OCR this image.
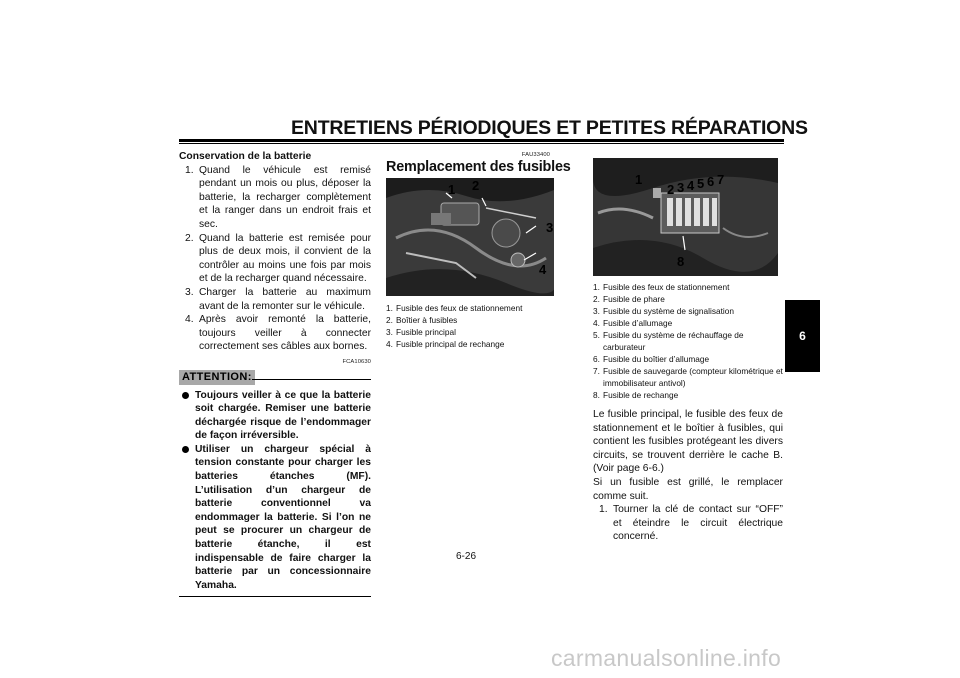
ENTRETIENS PÉRIODIQUES ET PETITES RÉPARATIONS

Conservation de la batterie

1. Quand le véhicule est remisé pendant un mois ou plus, déposer la batterie, la recharger complètement et la ranger dans un endroit frais et sec.
2. Quand la batterie est remisée pour plus de deux mois, il convient de la contrôler au moins une fois par mois et de la recharger quand nécessaire.
3. Charger la batterie au maximum avant de la remonter sur le véhicule.
4. Après avoir remonté la batterie, toujours veiller à connecter correctement ses câbles aux bornes.
FCA10630
ATTENTION:
Toujours veiller à ce que la batterie soit chargée. Remiser une batterie déchargée risque de l’endommager de façon irréversible.
Utiliser un chargeur spécial à tension constante pour charger les batteries étanches (MF). L’utilisation d’un chargeur de batterie conventionnel va endommager la batterie. Si l’on ne peut se procurer un chargeur de batterie étanche, il est indispensable de faire charger la batterie par un concessionnaire Yamaha.
FAU33400
Remplacement des fusibles
1 2
3
4
1. Fusible des feux de stationnement
2. Boîtier à fusibles
3. Fusible principal
4. Fusible principal de rechange
1
2 3 4 5 6 7
8
1. Fusible des feux de stationnement
2. Fusible de phare
3. Fusible du système de signalisation
4. Fusible d’allumage
5. Fusible du système de réchauffage de carburateur
6. Fusible du boîtier d’allumage
7. Fusible de sauvegarde (compteur kilométrique et immobilisateur antivol)
8. Fusible de rechange

Le fusible principal, le fusible des feux de stationnement et le boîtier à fusibles, qui contient les fusibles protégeant les divers circuits, se trouvent derrière le cache B. (Voir page 6-6.)

Si un fusible est grillé, le remplacer comme suit.

1. Tourner la clé de contact sur “OFF” et éteindre le circuit électrique concerné.
6
6-26
carmanualsonline.info
